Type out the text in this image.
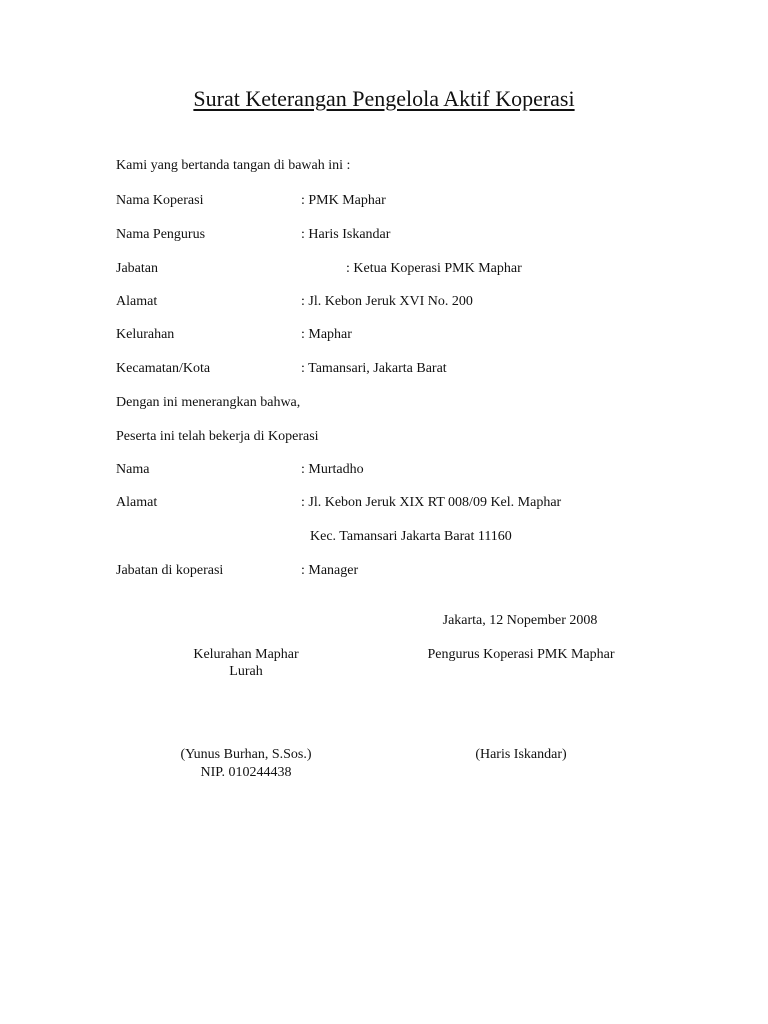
Surat Keterangan Pengelola Aktif Koperasi
Kami yang bertanda tangan di bawah ini :
Nama Koperasi	: PMK Maphar
Nama Pengurus	: Haris Iskandar
Jabatan	: Ketua Koperasi PMK Maphar
Alamat	: Jl. Kebon Jeruk XVI No. 200
Kelurahan	: Maphar
Kecamatan/Kota	: Tamansari, Jakarta Barat
Dengan ini menerangkan bahwa,
Peserta ini telah bekerja di Koperasi
Nama	: Murtadho
Alamat	: Jl. Kebon Jeruk XIX RT 008/09 Kel. Maphar
Kec. Tamansari Jakarta Barat 11160
Jabatan di koperasi	: Manager
Jakarta, 12 Nopember 2008
Kelurahan Maphar
Lurah
(Yunus Burhan, S.Sos.)
NIP. 010244438
Pengurus Koperasi PMK Maphar
(Haris Iskandar)
